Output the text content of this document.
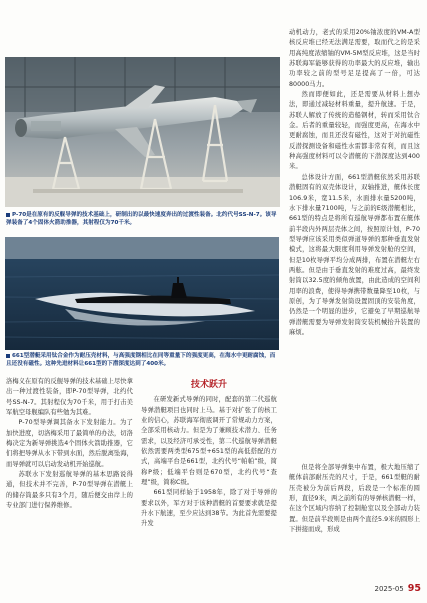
P-70是在原有的反舰导弹的技术基础上，研制出的以最快速度奔出的过渡性装备。北约代号SS-N-7。该导弹装备了4个固体火箭助推器，其射程仅为70千米。
661型潜艇采用钛合金作为耐压壳材料，与高强度钢相比在同等重量下的强度更高，在海水中更耐腐蚀，而且还没有磁性。这种先进材料让661型的下潜深度达到了400米。

洛梅义在原有的反舰导弹的技术基础上尽快拿出一种过渡性装备，即P-70型导弹，北约代号SS-N-7。其射程仅为70千米，用于打击美军航空母舰编队有些勉为其难。

P-70型导弹调其备水下发射能力。为了加快进度，切洛梅采用了最简单的办法，切洛梅决定为新导弹挑选4个固体火箭助推器，它们将把导弹从水下带到水面，然后脱离坠海，而导弹就可以启动发动机开始巡航。

苏联水下发射巡航导弹的基本思路说得通，但技术并不完善，P-70型导弹在潜艇上的储存筒最多只有3个月，随后便交由岸上的专业部门进行保养维修。

技术跃升

在研发新式导弹的同时，配套的第二代巡航导弹潜艇项目也同时上马。基于对扩张了的核工业的信心，苏联海军彻底调开了常规动力方案，全部采用核动力。但是为了兼顾技术潜力、任务需求，以及经济可承受性，第二代巡航导弹潜艇依然需要两类型675型+651型的高低搭配的方式，高端平台是661型，北约代号“帕帕”级，简称P级；低端平台则是670型，北约代号“查理”级，简称C级。

661型同样始于1958年，除了对于导弹的要求以外，军方对于该种潜艇的首要要求就是提升水下航速，至少应达到38节。为此首先需要提升发

动机动力，老式的采用20%铀浓度的VM-A型核反应堆已经无法满足需要，取而代之的是采用高纯度浓缩铀的VM-5M型反应堆，这是当时苏联海军能够获得的功率最大的反应堆，输出功率较之前的型号足足提高了一倍，可达80000马力。

然而即便如此，还是需要从材料上想办法，即通过减轻材料重量，提升航速。于是，苏联人解放了传统的造船钢材，转而采用钛合金。后者的重量较轻，而强度更高，在海水中更耐腐蚀，而且还没有磁性，这对于对抗磁性反潜探测设备和磁性水雷都非常有利，而且这种高强度材料可以令潜艇的下潜深度达到400米。

总体设计方面，661型潜艇依然采用苏联潜艇固有的双壳体设计，双轴推进，艇体长度106.9米，宽11.5米，水面排水量5200吨，水下排水量7100吨，与之前的E级潜艇相比，661型的特点是将所有巡航导弹都布置在艇体前半段内外两层壳体之间，按照原计划，P-70型导弹应该采用类似弹道导弹的那种垂直发射模式，这将最大限度利用导弹发射舱的空间，但是10枚导弹平均分成两排，布置在潜艇左右两舷。但是由于垂直发射的难度过高，最终发射筒以32.5度的倾角放置，由此造成的空间利用率的浪费，使得导弹携带数量降至10枚，与原创，为了导弹发射筒设置固顶的安装角度，仍然是一个明显的进步，它避免了早期巡航导弹潜艇需要为导弹发射筒安装机械抬升装置的麻烦。

但是将全部导弹集中布置，极大地压缩了艇体前部耐压壳的尺寸，于是，661型艇的耐压壳被分为前后两段，后段是一个标准的圆形，直径9米，两之前所有的导弹核潜艇一样，在这个区域内容纳了控制舱室以及全部动力装置。但是前半段则是由两个直径5.9米的圆形上下拼接而成，形成

2025-05 95
